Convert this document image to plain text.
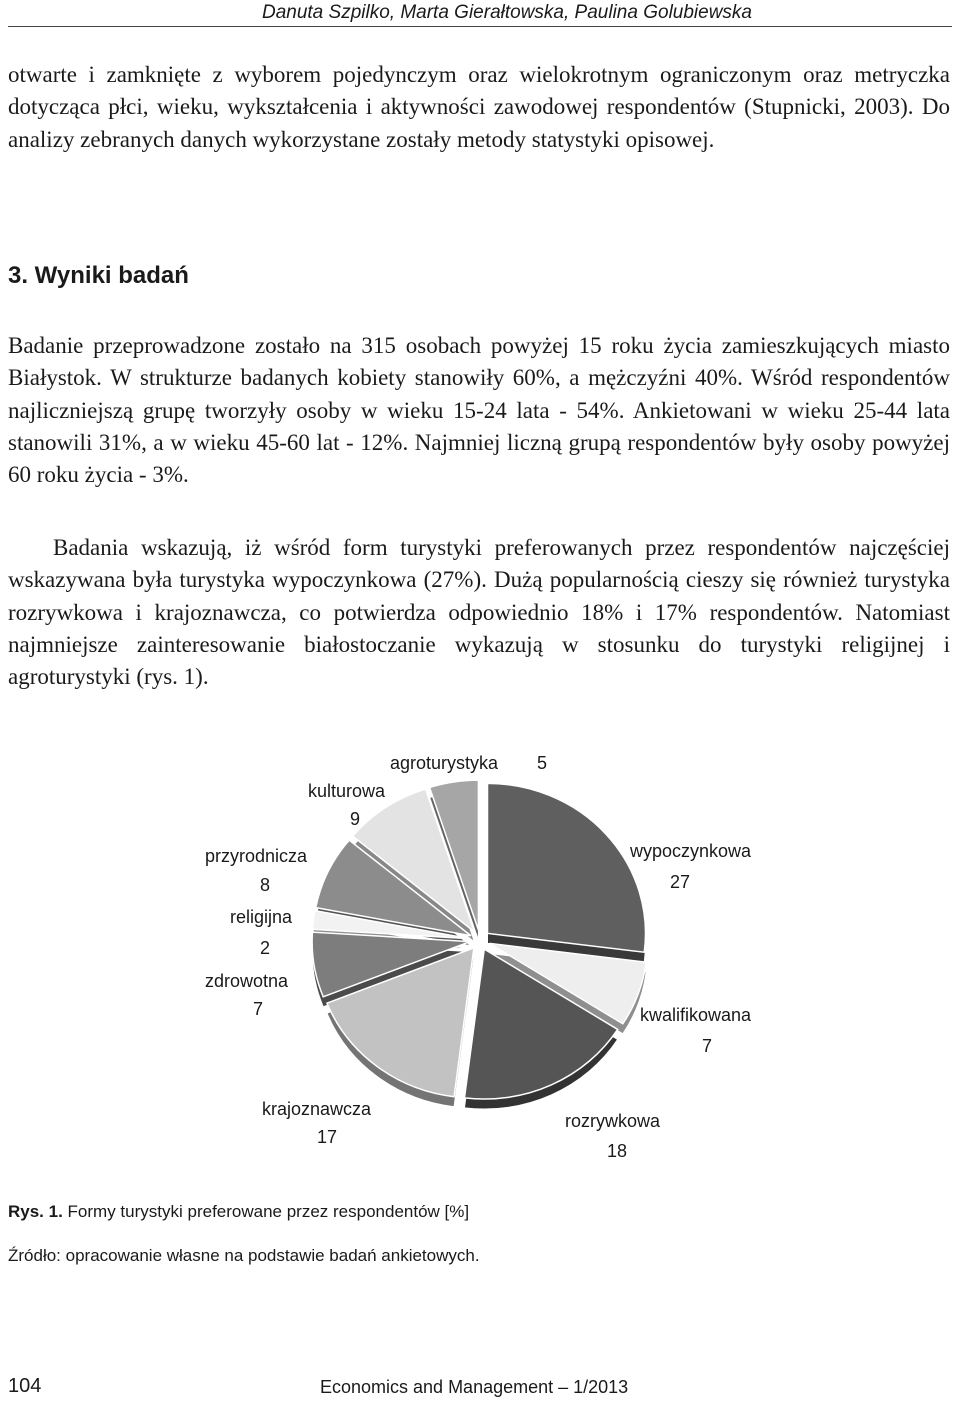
Danuta Szpilko, Marta Gierałtowska, Paulina Golubiewska

otwarte i zamknięte z wyborem pojedynczym oraz wielokrotnym ograniczonym oraz metryczka dotycząca płci, wieku, wykształcenia i aktywności zawodowej respondentów (Stupnicki, 2003). Do analizy zebranych danych wykorzystane zostały metody statystyki opisowej.

3. Wyniki badań

Badanie przeprowadzone zostało na 315 osobach powyżej 15 roku życia zamieszkujących miasto Białystok. W strukturze badanych kobiety stanowiły 60%, a mężczyźni 40%. Wśród respondentów najliczniejszą grupę tworzyły osoby w wieku 15-24 lata - 54%. Ankietowani w wieku 25-44 lata stanowili 31%, a w wieku 45-60 lat - 12%. Najmniej liczną grupą respondentów były osoby powyżej 60 roku życia - 3%.

Badania wskazują, iż wśród form turystyki preferowanych przez respondentów najczęściej wskazywana była turystyka wypoczynkowa (27%). Dużą popularnością cieszy się również turystyka rozrywkowa i krajoznawcza, co potwierdza odpowiednio 18% i 17% respondentów. Natomiast najmniejsze zainteresowanie białostoczanie wykazują w stosunku do turystyki religijnej i agroturystyki (rys. 1).

wypoczynkowa
27
kwalifikowana
7
rozrywkowa
18
krajoznawcza
17
zdrowotna
7
religijna
2
przyrodnicza
8
kulturowa
9
agroturystyka 5
Rys. 1. Formy turystyki preferowane przez respondentów [%]
Źródło: opracowanie własne na podstawie badań ankietowych.
104	Economics and Management – 1/2013
